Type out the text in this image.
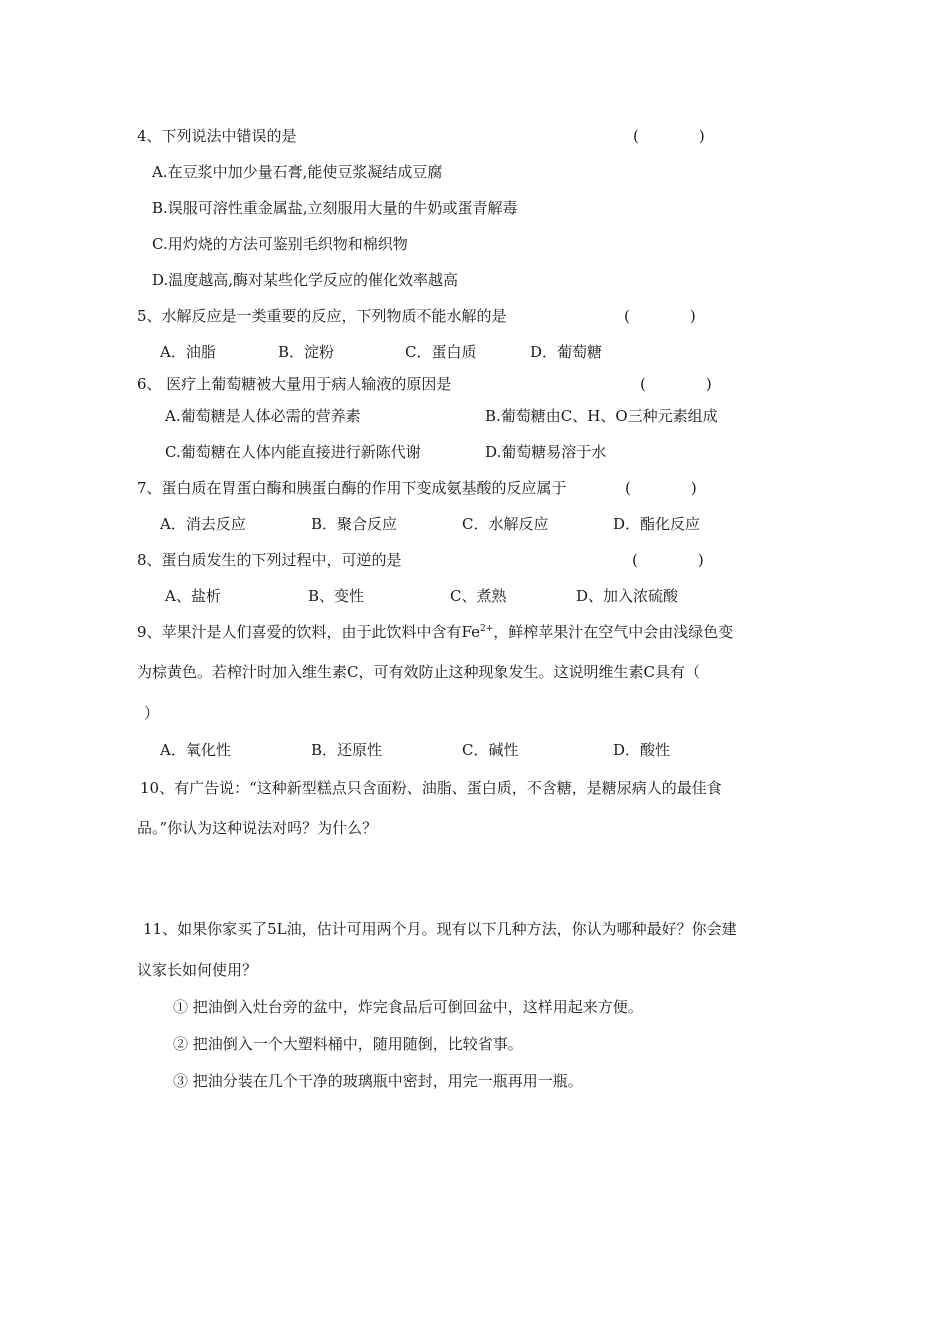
4、下列说法中错误的是	(　　　　)
A.在豆浆中加少量石膏,能使豆浆凝结成豆腐
B.误服可溶性重金属盐,立刻服用大量的牛奶或蛋青解毒
C.用灼烧的方法可鉴别毛织物和棉织物
D.温度越高,酶对某些化学反应的催化效率越高
5、水解反应是一类重要的反应，下列物质不能水解的是	(　　　　)
A．油脂	B．淀粉	C．蛋白质	D．葡萄糖
6、 医疗上葡萄糖被大量用于病人输液的原因是	(　　　　)
A.葡萄糖是人体必需的营养素	B.葡萄糖由C、H、O三种元素组成
C.葡萄糖在人体内能直接进行新陈代谢	D.葡萄糖易溶于水
7、蛋白质在胃蛋白酶和胰蛋白酶的作用下变成氨基酸的反应属于	(　　　　)
A．消去反应	B．聚合反应	C．水解反应	D．酯化反应
8、蛋白质发生的下列过程中，可逆的是	(　　　　)
A、盐析	B、变性	C、煮熟	D、加入浓硫酸
9、苹果汁是人们喜爱的饮料，由于此饮料中含有$Fe^{2+}$，鲜榨苹果汁在空气中会由浅绿色变
为棕黄色。若榨汁时加入维生素C，可有效防止这种现象发生。这说明维生素C具有（
）
A．氧化性	B．还原性	C．碱性	D．酸性
10、有广告说：“这种新型糕点只含面粉、油脂、蛋白质，不含糖，是糖尿病人的最佳食
品。”你认为这种说法对吗？为什么？
11、如果你家买了5L油，估计可用两个月。现有以下几种方法，你认为哪种最好？你会建
议家长如何使用？
① 把油倒入灶台旁的盆中，炸完食品后可倒回盆中，这样用起来方便。
② 把油倒入一个大塑料桶中，随用随倒，比较省事。
③ 把油分装在几个干净的玻璃瓶中密封，用完一瓶再用一瓶。
